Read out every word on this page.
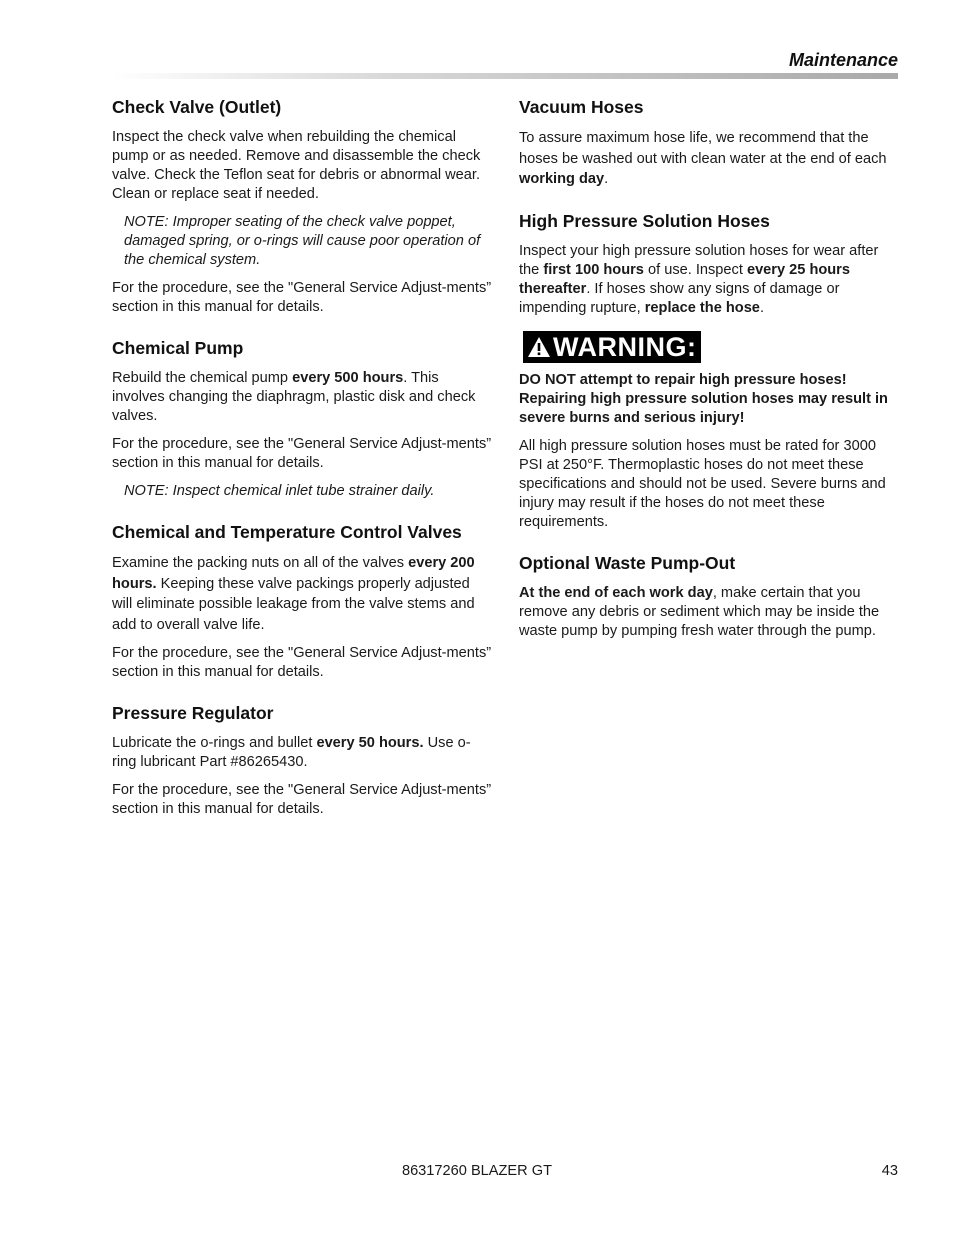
Maintenance
Check Valve (Outlet)

Inspect the check valve when rebuilding the chemical pump or as needed. Remove and disassemble the check valve. Check the Teflon seat for debris or abnormal wear. Clean or replace seat if needed.

NOTE: Improper seating of the check valve poppet, damaged spring, or o-rings will cause poor operation of the chemical system.

For the procedure, see the "General Service Adjust-ments” section in this manual for details.

Chemical Pump

Rebuild the chemical pump every 500 hours. This involves changing the diaphragm, plastic disk and check valves.

For the procedure, see the "General Service Adjust-ments” section in this manual for details.

NOTE: Inspect chemical inlet tube strainer daily.

Chemical and Temperature Control Valves

Examine the packing nuts on all of the valves every 200 hours. Keeping these valve packings properly adjusted will eliminate possible leakage from the valve stems and add to overall valve life.

For the procedure, see the "General Service Adjust-ments” section in this manual for details.

Pressure Regulator

Lubricate the o-rings and bullet every 50 hours. Use o-ring lubricant Part #86265430.

For the procedure, see the "General Service Adjust-ments” section in this manual for details.

Vacuum Hoses

To assure maximum hose life, we recommend that the hoses be washed out with clean water at the end of each working day.

High Pressure Solution Hoses

Inspect your high pressure solution hoses for wear after the first 100 hours of use. Inspect every 25 hours thereafter. If hoses show any signs of damage or impending rupture, replace the hose.

WARNING:

DO NOT attempt to repair high pressure hoses! Repairing high pressure solution hoses may result in severe burns and serious injury!

All high pressure solution hoses must be rated for 3000 PSI at 250°F. Thermoplastic hoses do not meet these specifications and should not be used. Severe burns and injury may result if the hoses do not meet these requirements.

Optional Waste Pump-Out

At the end of each work day, make certain that you remove any debris or sediment which may be inside the waste pump by pumping fresh water through the pump.

86317260 BLAZER GT	43
